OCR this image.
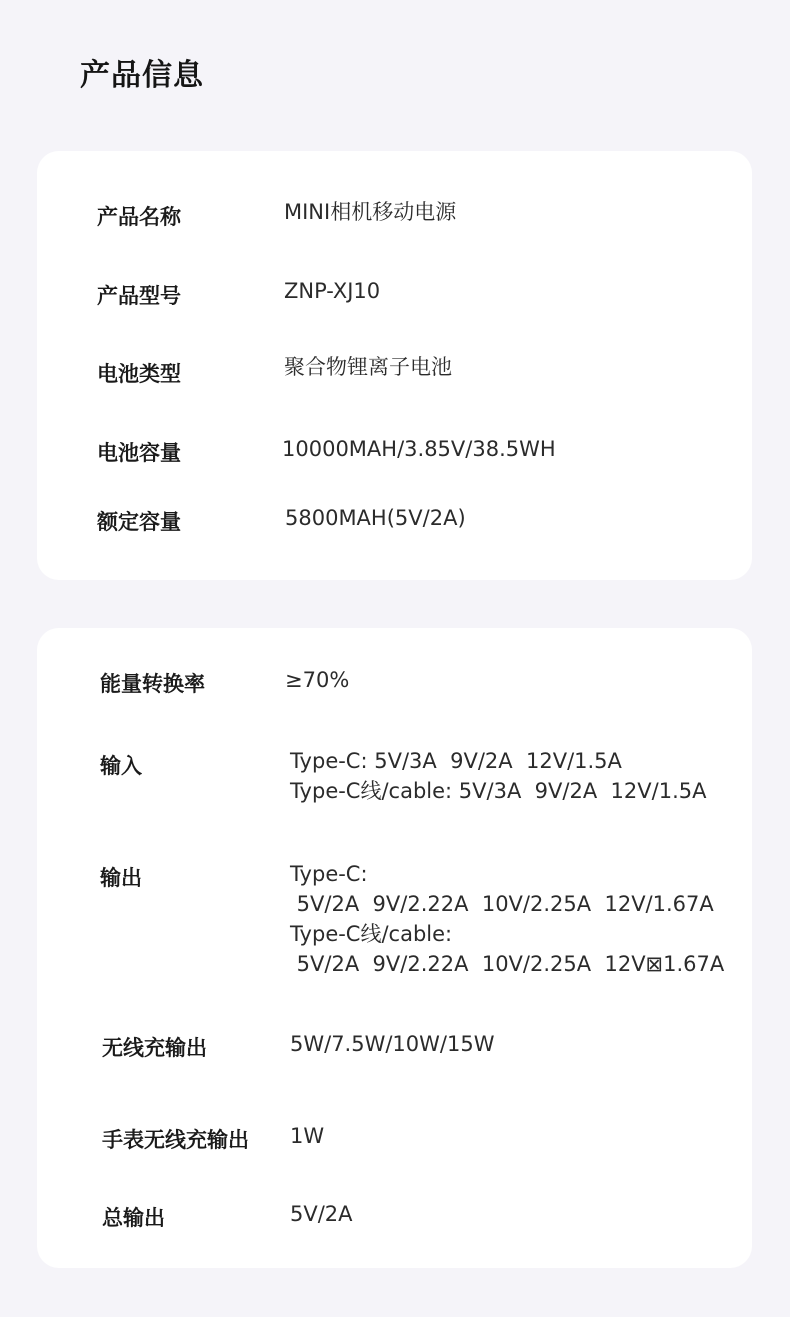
产品信息
产品名称	MINI相机移动电源
产品型号	ZNP-XJ10
电池类型	聚合物锂离子电池
电池容量	10000MAH/3.85V/38.5WH
额定容量	5800MAH(5V/2A)
能量转换率	≥70%
输入	Type-C: 5V/3A  9V/2A  12V/1.5A
Type-C线/cable: 5V/3A  9V/2A  12V/1.5A
输出	Type-C:
5V/2A  9V/2.22A  10V/2.25A  12V/1.67A
Type-C线/cable:
5V/2A  9V/2.22A  10V/2.25A  12V⊠1.67A
无线充输出	5W/7.5W/10W/15W
手表无线充输出 1W
总输出	5V/2A
